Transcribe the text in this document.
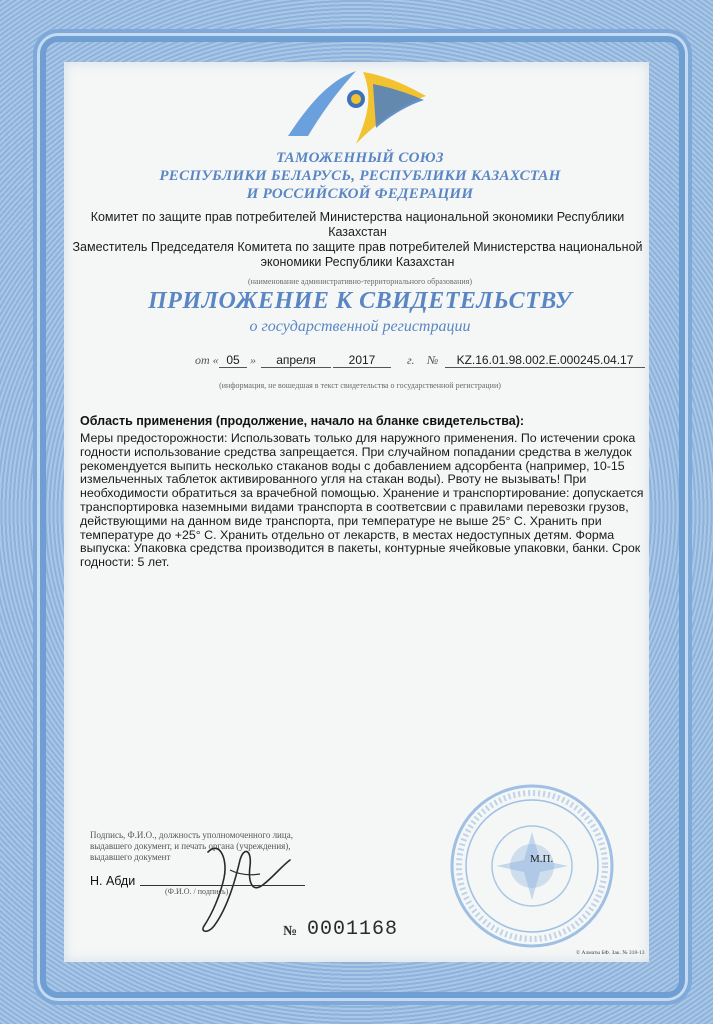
ТАМОЖЕННЫЙ СОЮЗ
РЕСПУБЛИКИ БЕЛАРУСЬ, РЕСПУБЛИКИ КАЗАХСТАН
И РОССИЙСКОЙ ФЕДЕРАЦИИ
Комитет по защите прав потребителей Министерства национальной экономики Республики
Казахстан
Заместитель Председателя Комитета по защите прав потребителей Министерства национальной
экономики Республики Казахстан
(наименование административно-территориального образования)
ПРИЛОЖЕНИЕ К СВИДЕТЕЛЬСТВУ
о государственной регистрации
от « 05 »	апреля	2017	г. №	KZ.16.01.98.002.E.000245.04.17
(информация, не вошедшая в текст свидетельства о государственной регистрации)
Область применения (продолжение, начало на бланке свидетельства):
Меры предосторожности: Использовать только для наружного применения. По истечении срока
годности использование средства запрещается. При случайном попадании средства в желудок
рекомендуется выпить несколько стаканов воды с добавлением адсорбента (например, 10-15
измельченных таблеток активированного угля на стакан воды). Рвоту не вызывать! При
необходимости обратиться за врачебной помощью. Хранение и транспортирование: допускается
транспортировка наземными видами транспорта в соответсвии с правилами перевозки грузов,
действующими на данном виде транспорта, при температуре не выше 25° С. Хранить при
температуре до +25° С. Хранить отдельно от лекарств, в местах недоступных детям. Форма
выпуска: Упаковка средства производится в пакеты, контурные ячейковые упаковки, банки. Срок
годности: 5 лет.
Подпись, Ф.И.О., должность уполномоченного лица,
выдавшего документ, и печать органа (учреждения),
выдавшего документ
Н. Абди
(Ф.И.О. / подпись)
М.П.
№ 0001168
© Алматы БФ. Зак. № 318-13
